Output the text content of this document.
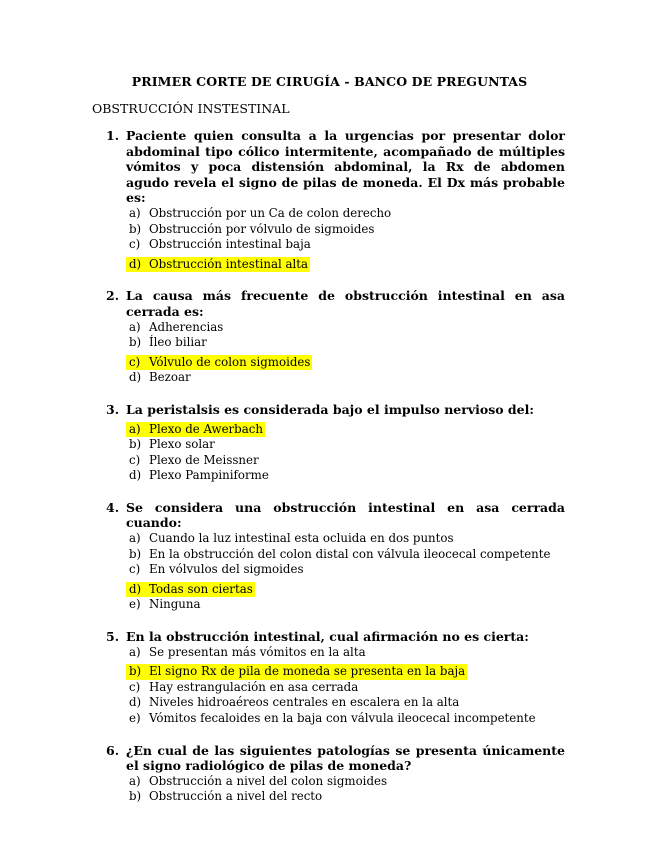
PRIMER CORTE DE CIRUGÍA - BANCO DE PREGUNTAS
OBSTRUCCIÓN INSTESTINAL
1. Paciente quien consulta a la urgencias por presentar dolor abdominal tipo cólico intermitente, acompañado de múltiples vómitos y poca distensión abdominal, la Rx de abdomen agudo revela el signo de pilas de moneda. El Dx más probable es:
a) Obstrucción por un Ca de colon derecho
b) Obstrucción por vólvulo de sigmoides
c) Obstrucción intestinal baja
d) Obstrucción intestinal alta
2. La causa más frecuente de obstrucción intestinal en asa cerrada es:
a) Adherencias
b) Íleo biliar
c) Vólvulo de colon sigmoides
d) Bezoar
3. La peristalsis es considerada bajo el impulso nervioso del:
a) Plexo de Awerbach
b) Plexo solar
c) Plexo de Meissner
d) Plexo Pampiniforme
4. Se considera una obstrucción intestinal en asa cerrada cuando:
a) Cuando la luz intestinal esta ocluida en dos puntos
b) En la obstrucción del colon distal con válvula ileocecal competente
c) En vólvulos del sigmoides
d) Todas son ciertas
e) Ninguna
5. En la obstrucción intestinal, cual afirmación no es cierta:
a) Se presentan más vómitos en la alta
b) El signo Rx de pila de moneda se presenta en la baja
c) Hay estrangulación en asa cerrada
d) Niveles hidroaéreos centrales en escalera en la alta
e) Vómitos fecaloides en la baja con válvula ileocecal incompetente
6. ¿En cual de las siguientes patologías se presenta únicamente el signo radiológico de pilas de moneda?
a) Obstrucción a nivel del colon sigmoides
b) Obstrucción a nivel del recto
